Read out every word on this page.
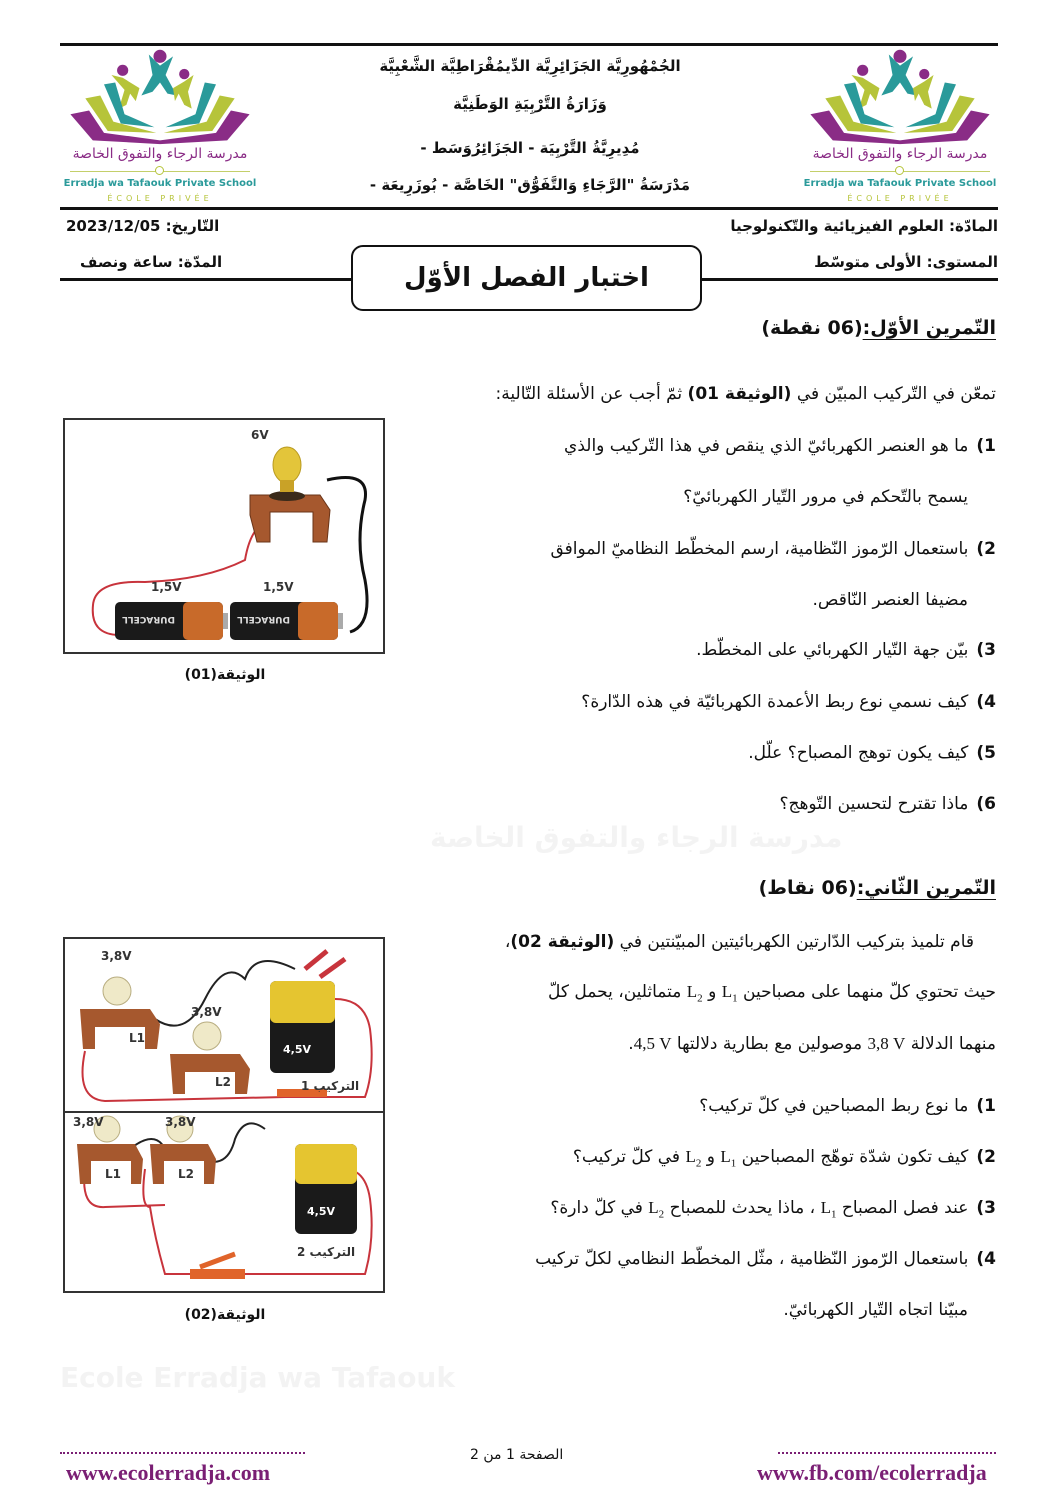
مدرسة الرجاء والتفوق الخاصة
Erradja wa Tafaouk Private School
ÉCOLE PRIVÉE
مدرسة الرجاء والتفوق الخاصة
Erradja wa Tafaouk Private School
ÉCOLE PRIVÉE
الجُمْهُورِيَّة الجَزَائِرِيَّة الدِّيمُقْرَاطِيَّة الشَّعْبِيَّة
وَزَارَةُ التَّرْبِيَةِ الوَطَنِيَّة
مُدِيرِيَّةُ التَّرْبِيَة - الجَزَائِرُوَسَط -
مَدْرَسَةُ "الرَّجَاءِ وَالتَّفَوُّق" الخَاصَّة - بُوزَرِيعَة -
المادّة: العلوم الفيزيائية والتّكنولوجيا
المستوى: الأولى متوسّط
التّاريخ: 2023/12/05
المدّة: ساعة ونصف
اختبار الفصل الأوّل
التّمرين الأوّل:(06 نقطة)
تمعّن في التّركيب المبيّن في (الوثيقة 01) ثمّ أجب عن الأسئلة التّالية:
1)ما هو العنصر الكهربائيّ الذي ينقص في هذا التّركيب والذي
يسمح بالتّحكم في مرور التّيار الكهربائيّ؟
2)باستعمال الرّموز النّظامية، ارسم المخطّط النظاميّ الموافق
مضيفا العنصر النّاقص.
3)بيّن جهة التّيار الكهربائي على المخطّط.
4)كيف نسمي نوع ربط الأعمدة الكهربائيّة في هذه الدّارة؟
5)كيف يكون توهج المصباح؟ علّل.
6)ماذا تقترح لتحسين التّوهج؟
DURACELL	DURACELL
6V
1,5V	1,5V
الوثيقة(01)
التّمرين الثّاني:(06 نقاط)
قام تلميذ بتركيب الدّارتين الكهربائيتين المبيّنتين في (الوثيقة 02)،
حيث تحتوي كلّ منهما على مصباحين $L_1$ و $L_2$ متماثلين، يحمل كلّ
منهما الدلالة 3,8 V موصولين مع بطارية دلالتها 4,5 V.
1)ما نوع ربط المصباحين في كلّ تركيب؟
2)كيف تكون شدّة توهّج المصباحين $L_1$ و $L_2$ في كلّ تركيب؟
3)عند فصل المصباح $L_1$ ، ماذا يحدث للمصباح $L_2$ في كلّ دارة؟
4)باستعمال الرّموز النّظامية ، مثّل المخطّط النظامي لكلّ تركيب
مبيّنا اتجاه التّيار الكهربائيّ.
3,8V
L1
3,8V
L2
4,5V
التركيب 1
3,8V
L1
3,8V
L2
4,5V
التركيب 2
الوثيقة(02)
مدرسة الرجاء والتفوق الخاصة
Ecole Erradja wa Tafaouk
www.ecolerradja.com
الصفحة 1 من 2
www.fb.com/ecolerradja
